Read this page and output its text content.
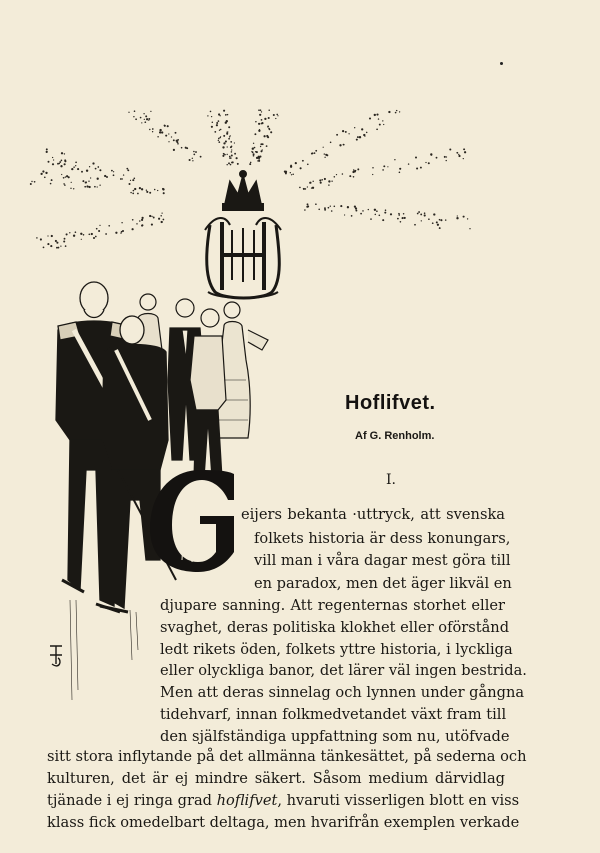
Hoflifvet.
Af G. Renholm.
I.
eijers bekanta ·uttryck, att svenska
folkets historia är dess konungars,
vill man i våra dagar mest göra till
en paradox, men det äger likväl en
djupare sanning. Att regenternas storhet eller
svaghet, deras politiska klokhet eller oförstånd
ledt rikets öden, folkets yttre historia, i lyckliga
eller olyckliga banor, det lärer väl ingen bestrida.
Men att deras sinnelag och lynnen under gångna
tidehvarf, innan folkmedvetandet växt fram till
den själfständiga uppfattning som nu, utöfvade
sitt stora inflytande på det allmänna tänkesättet, på sederna och
kulturen, det är ej mindre säkert. Såsom medium därvidlag
tjänade i ej ringa grad hoflifvet, hvaruti visserligen blott en viss
klass fick omedelbart deltaga, men hvarifrån exemplen verkade
